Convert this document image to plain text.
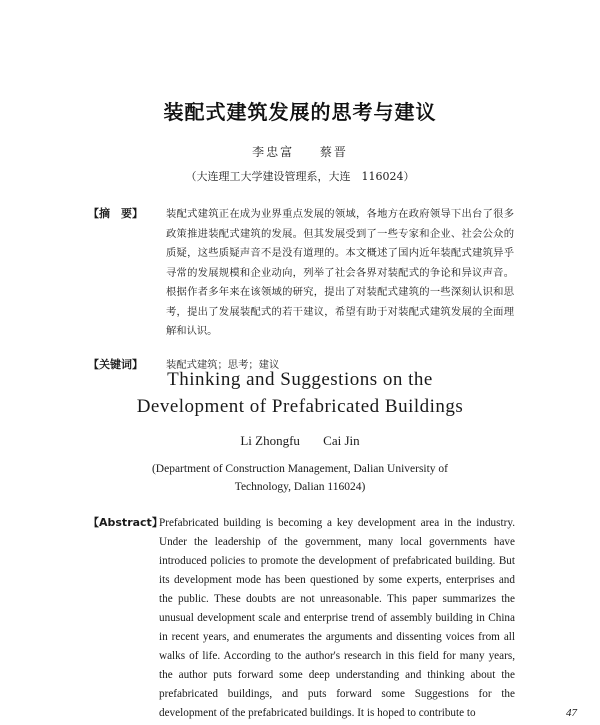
装配式建筑发展的思考与建议
李忠富 蔡晋
（大连理工大学建设管理系，大连　116024）
【摘　要】 装配式建筑正在成为业界重点发展的领域，各地方在政府领导下出台了很多政策推进装配式建筑的发展。但其发展受到了一些专家和企业、社会公众的质疑，这些质疑声音不是没有道理的。本文概述了国内近年装配式建筑异乎寻常的发展规模和企业动向，列举了社会各界对装配式的争论和异议声音。根据作者多年来在该领域的研究，提出了对装配式建筑的一些深刻认识和思考，提出了发展装配式的若干建议，希望有助于对装配式建筑发展的全面理解和认识。
【关键词】 装配式建筑；思考；建议
Thinking and Suggestions on the
Development of Prefabricated Buildings
Li Zhongfu Cai Jin
(Department of Construction Management, Dalian University of Technology, Dalian 116024)
【Abstract】
Prefabricated building is becoming a key development area in the industry. Under the leadership of the government, many local governments have introduced policies to promote the development of prefabricated building. But its development mode has been questioned by some experts, enterprises and the public. These doubts are not unreasonable. This paper summarizes the unusual development scale and enterprise trend of assembly building in China in recent years, and enumerates the arguments and dissenting voices from all walks of life. According to the author's research in this field for many years, the author puts forward some deep understanding and thinking about the prefabricated buildings, and puts forward some Suggestions for the development of the prefabricated buildings. It is hoped to contribute to	47
